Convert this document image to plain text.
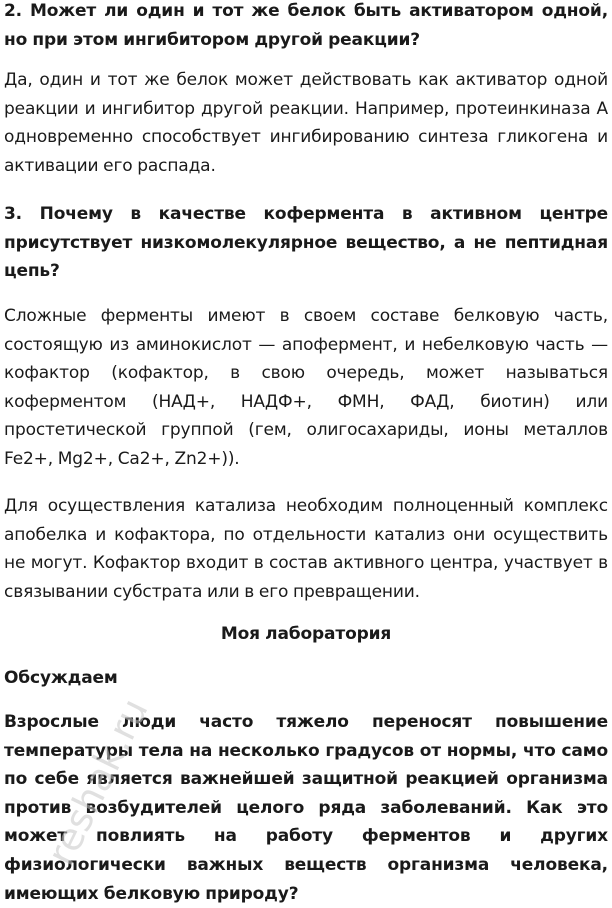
2. Может ли один и тот же белок быть активатором одной, но при этом ингибитором другой реакции?

Да, один и тот же белок может действовать как активатор одной реакции и ингибитор другой реакции. Например, протеинкиназа А одновременно способствует ингибированию синтеза гликогена и активации его распада.

3. Почему в качестве кофермента в активном центре присутствует низкомолекулярное вещество, а не пептидная цепь?

Сложные ферменты имеют в своем составе белковую часть, состоящую из аминокислот — апофермент, и небелковую часть — кофактор (кофактор, в свою очередь, может называться коферментом (НАД+, НАДФ+, ФМН, ФАД, биотин) или простетической группой (гем, олигосахариды, ионы металлов Fe2+, Mg2+, Ca2+, Zn2+)).

Для осуществления катализа необходим полноценный комплекс апобелка и кофактора, по отдельности катализ они осуществить не могут. Кофактор входит в состав активного центра, участвует в связывании субстрата или в его превращении.

Моя лаборатория

Обсуждаем

Взрослые люди часто тяжело переносят повышение температуры тела на несколько градусов от нормы, что само по себе является важнейшей защитной реакцией организма против возбудителей целого ряда заболеваний. Как это может повлиять на работу ферментов и других физиологически важных веществ организма человека, имеющих белковую природу?

reshak.ru
